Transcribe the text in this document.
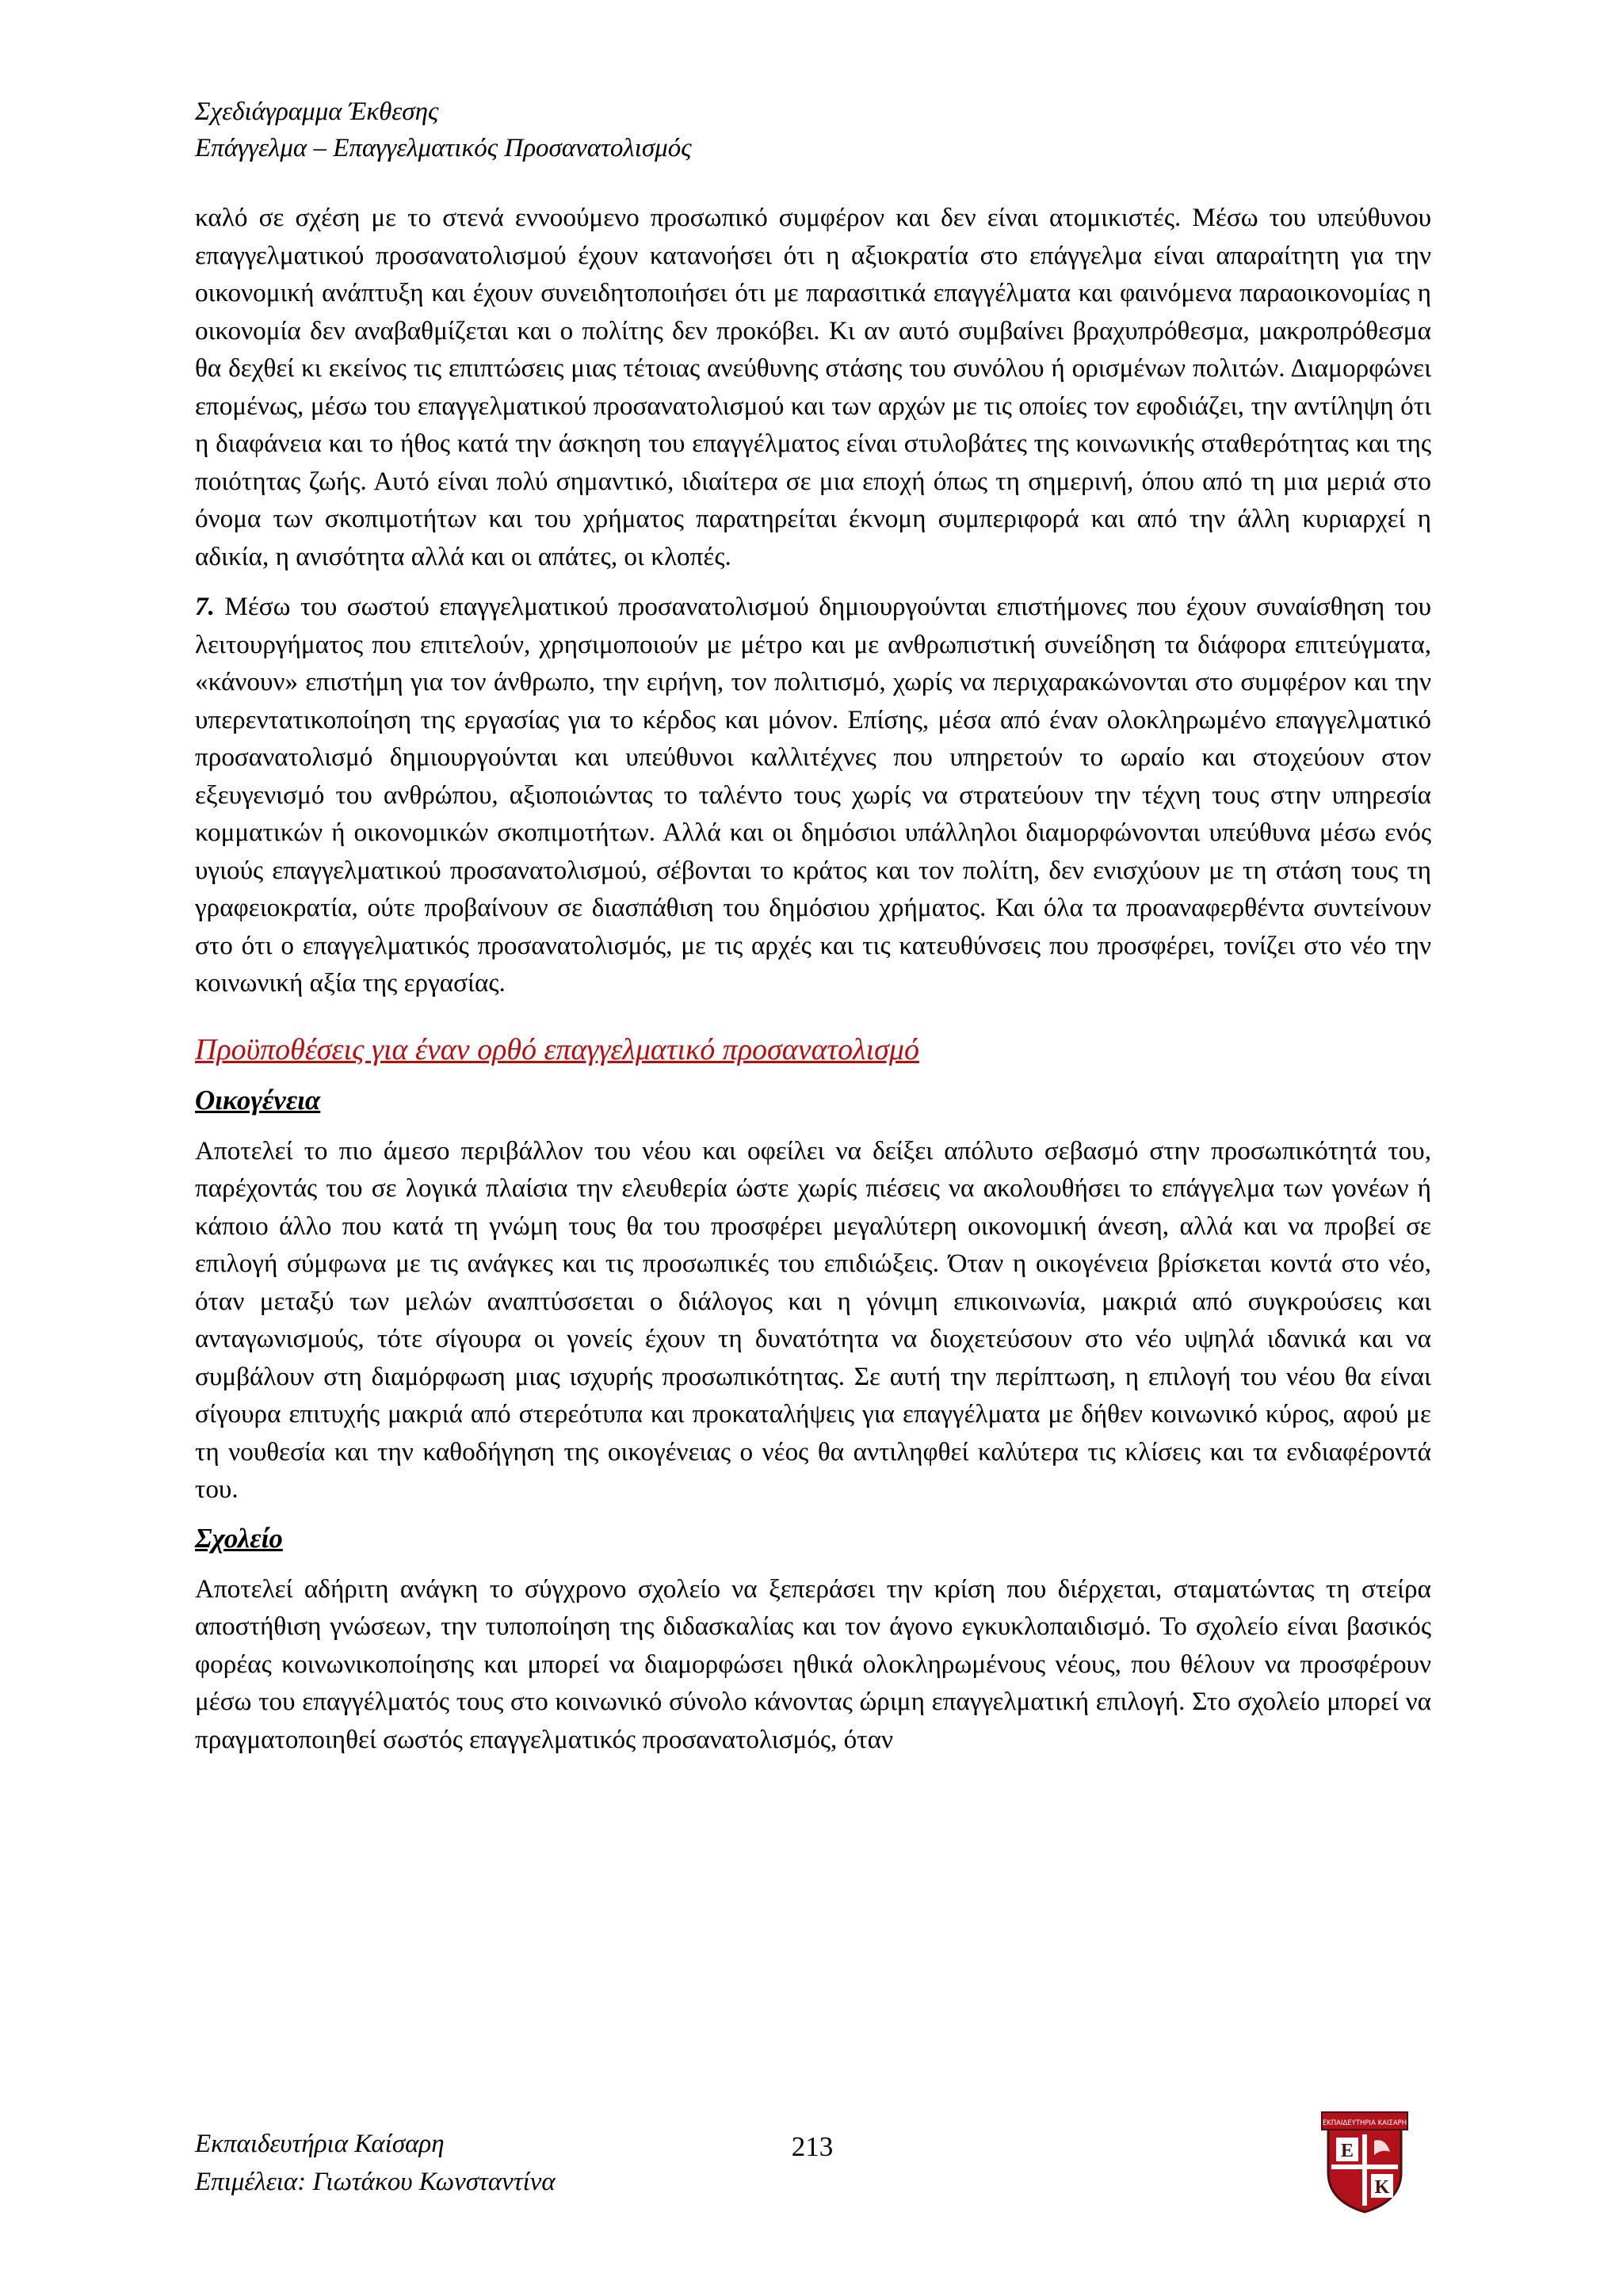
Σχεδιάγραμμα Έκθεσης

Επάγγελμα – Επαγγελματικός Προσανατολισμός

καλό σε σχέση με το στενά εννοούμενο προσωπικό συμφέρον και δεν είναι ατομικιστές. Μέσω του υπεύθυνου επαγγελματικού προσανατολισμού έχουν κατανοήσει ότι η αξιοκρατία στο επάγγελμα είναι απαραίτητη για την οικονομική ανάπτυξη και έχουν συνειδητοποιήσει ότι με παρασιτικά επαγγέλματα και φαινόμενα παραοικονομίας η οικονομία δεν αναβαθμίζεται και ο πολίτης δεν προκόβει. Κι αν αυτό συμβαίνει βραχυπρόθεσμα, μακροπρόθεσμα θα δεχθεί κι εκείνος τις επιπτώσεις μιας τέτοιας ανεύθυνης στάσης του συνόλου ή ορισμένων πολιτών. Διαμορφώνει επομένως, μέσω του επαγγελματικού προσανατολισμού και των αρχών με τις οποίες τον εφοδιάζει, την αντίληψη ότι η διαφάνεια και το ήθος κατά την άσκηση του επαγγέλματος είναι στυλοβάτες της κοινωνικής σταθερότητας και της ποιότητας ζωής. Αυτό είναι πολύ σημαντικό, ιδιαίτερα σε μια εποχή όπως τη σημερινή, όπου από τη μια μεριά στο όνομα των σκοπιμοτήτων και του χρήματος παρατηρείται έκνομη συμπεριφορά και από την άλλη κυριαρχεί η αδικία, η ανισότητα αλλά και οι απάτες, οι κλοπές.

7. Μέσω του σωστού επαγγελματικού προσανατολισμού δημιουργούνται επιστήμονες που έχουν συναίσθηση του λειτουργήματος που επιτελούν, χρησιμοποιούν με μέτρο και με ανθρωπιστική συνείδηση τα διάφορα επιτεύγματα, «κάνουν» επιστήμη για τον άνθρωπο, την ειρήνη, τον πολιτισμό, χωρίς να περιχαρακώνονται στο συμφέρον και την υπερεντατικοποίηση της εργασίας για το κέρδος και μόνον. Επίσης, μέσα από έναν ολοκληρωμένο επαγγελματικό προσανατολισμό δημιουργούνται και υπεύθυνοι καλλιτέχνες που υπηρετούν το ωραίο και στοχεύουν στον εξευγενισμό του ανθρώπου, αξιοποιώντας το ταλέντο τους χωρίς να στρατεύουν την τέχνη τους στην υπηρεσία κομματικών ή οικονομικών σκοπιμοτήτων. Αλλά και οι δημόσιοι υπάλληλοι διαμορφώνονται υπεύθυνα μέσω ενός υγιούς επαγγελματικού προσανατολισμού, σέβονται το κράτος και τον πολίτη, δεν ενισχύουν με τη στάση τους τη γραφειοκρατία, ούτε προβαίνουν σε διασπάθιση του δημόσιου χρήματος. Και όλα τα προαναφερθέντα συντείνουν στο ότι ο επαγγελματικός προσανατολισμός, με τις αρχές και τις κατευθύνσεις που προσφέρει, τονίζει στο νέο την κοινωνική αξία της εργασίας.

Προϋποθέσεις για έναν ορθό επαγγελματικό προσανατολισμό
Οικογένεια

Αποτελεί το πιο άμεσο περιβάλλον του νέου και οφείλει να δείξει απόλυτο σεβασμό στην προσωπικότητά του, παρέχοντάς του σε λογικά πλαίσια την ελευθερία ώστε χωρίς πιέσεις να ακολουθήσει το επάγγελμα των γονέων ή κάποιο άλλο που κατά τη γνώμη τους θα του προσφέρει μεγαλύτερη οικονομική άνεση, αλλά και να προβεί σε επιλογή σύμφωνα με τις ανάγκες και τις προσωπικές του επιδιώξεις. Όταν η οικογένεια βρίσκεται κοντά στο νέο, όταν μεταξύ των μελών αναπτύσσεται ο διάλογος και η γόνιμη επικοινωνία, μακριά από συγκρούσεις και ανταγωνισμούς, τότε σίγουρα οι γονείς έχουν τη δυνατότητα να διοχετεύσουν στο νέο υψηλά ιδανικά και να συμβάλουν στη διαμόρφωση μιας ισχυρής προσωπικότητας. Σε αυτή την περίπτωση, η επιλογή του νέου θα είναι σίγουρα επιτυχής μακριά από στερεότυπα και προκαταλήψεις για επαγγέλματα με δήθεν κοινωνικό κύρος, αφού με τη νουθεσία και την καθοδήγηση της οικογένειας ο νέος θα αντιληφθεί καλύτερα τις κλίσεις και τα ενδιαφέροντά του.

Σχολείο

Αποτελεί αδήριτη ανάγκη το σύγχρονο σχολείο να ξεπεράσει την κρίση που διέρχεται, σταματώντας τη στείρα αποστήθιση γνώσεων, την τυποποίηση της διδασκαλίας και τον άγονο εγκυκλοπαιδισμό. Το σχολείο είναι βασικός φορέας κοινωνικοποίησης και μπορεί να διαμορφώσει ηθικά ολοκληρωμένους νέους, που θέλουν να προσφέρουν μέσω του επαγγέλματός τους στο κοινωνικό σύνολο κάνοντας ώριμη επαγγελματική επιλογή. Στο σχολείο μπορεί να πραγματοποιηθεί σωστός επαγγελματικός προσανατολισμός, όταν

Εκπαιδευτήρια Καίσαρη

Επιμέλεια: Γιωτάκου Κωνσταντίνα

213
ΕΚΠΑΙΔΕΥΤΗΡΙΑ ΚΑΙΣΑΡΗ
Ε
Κ
